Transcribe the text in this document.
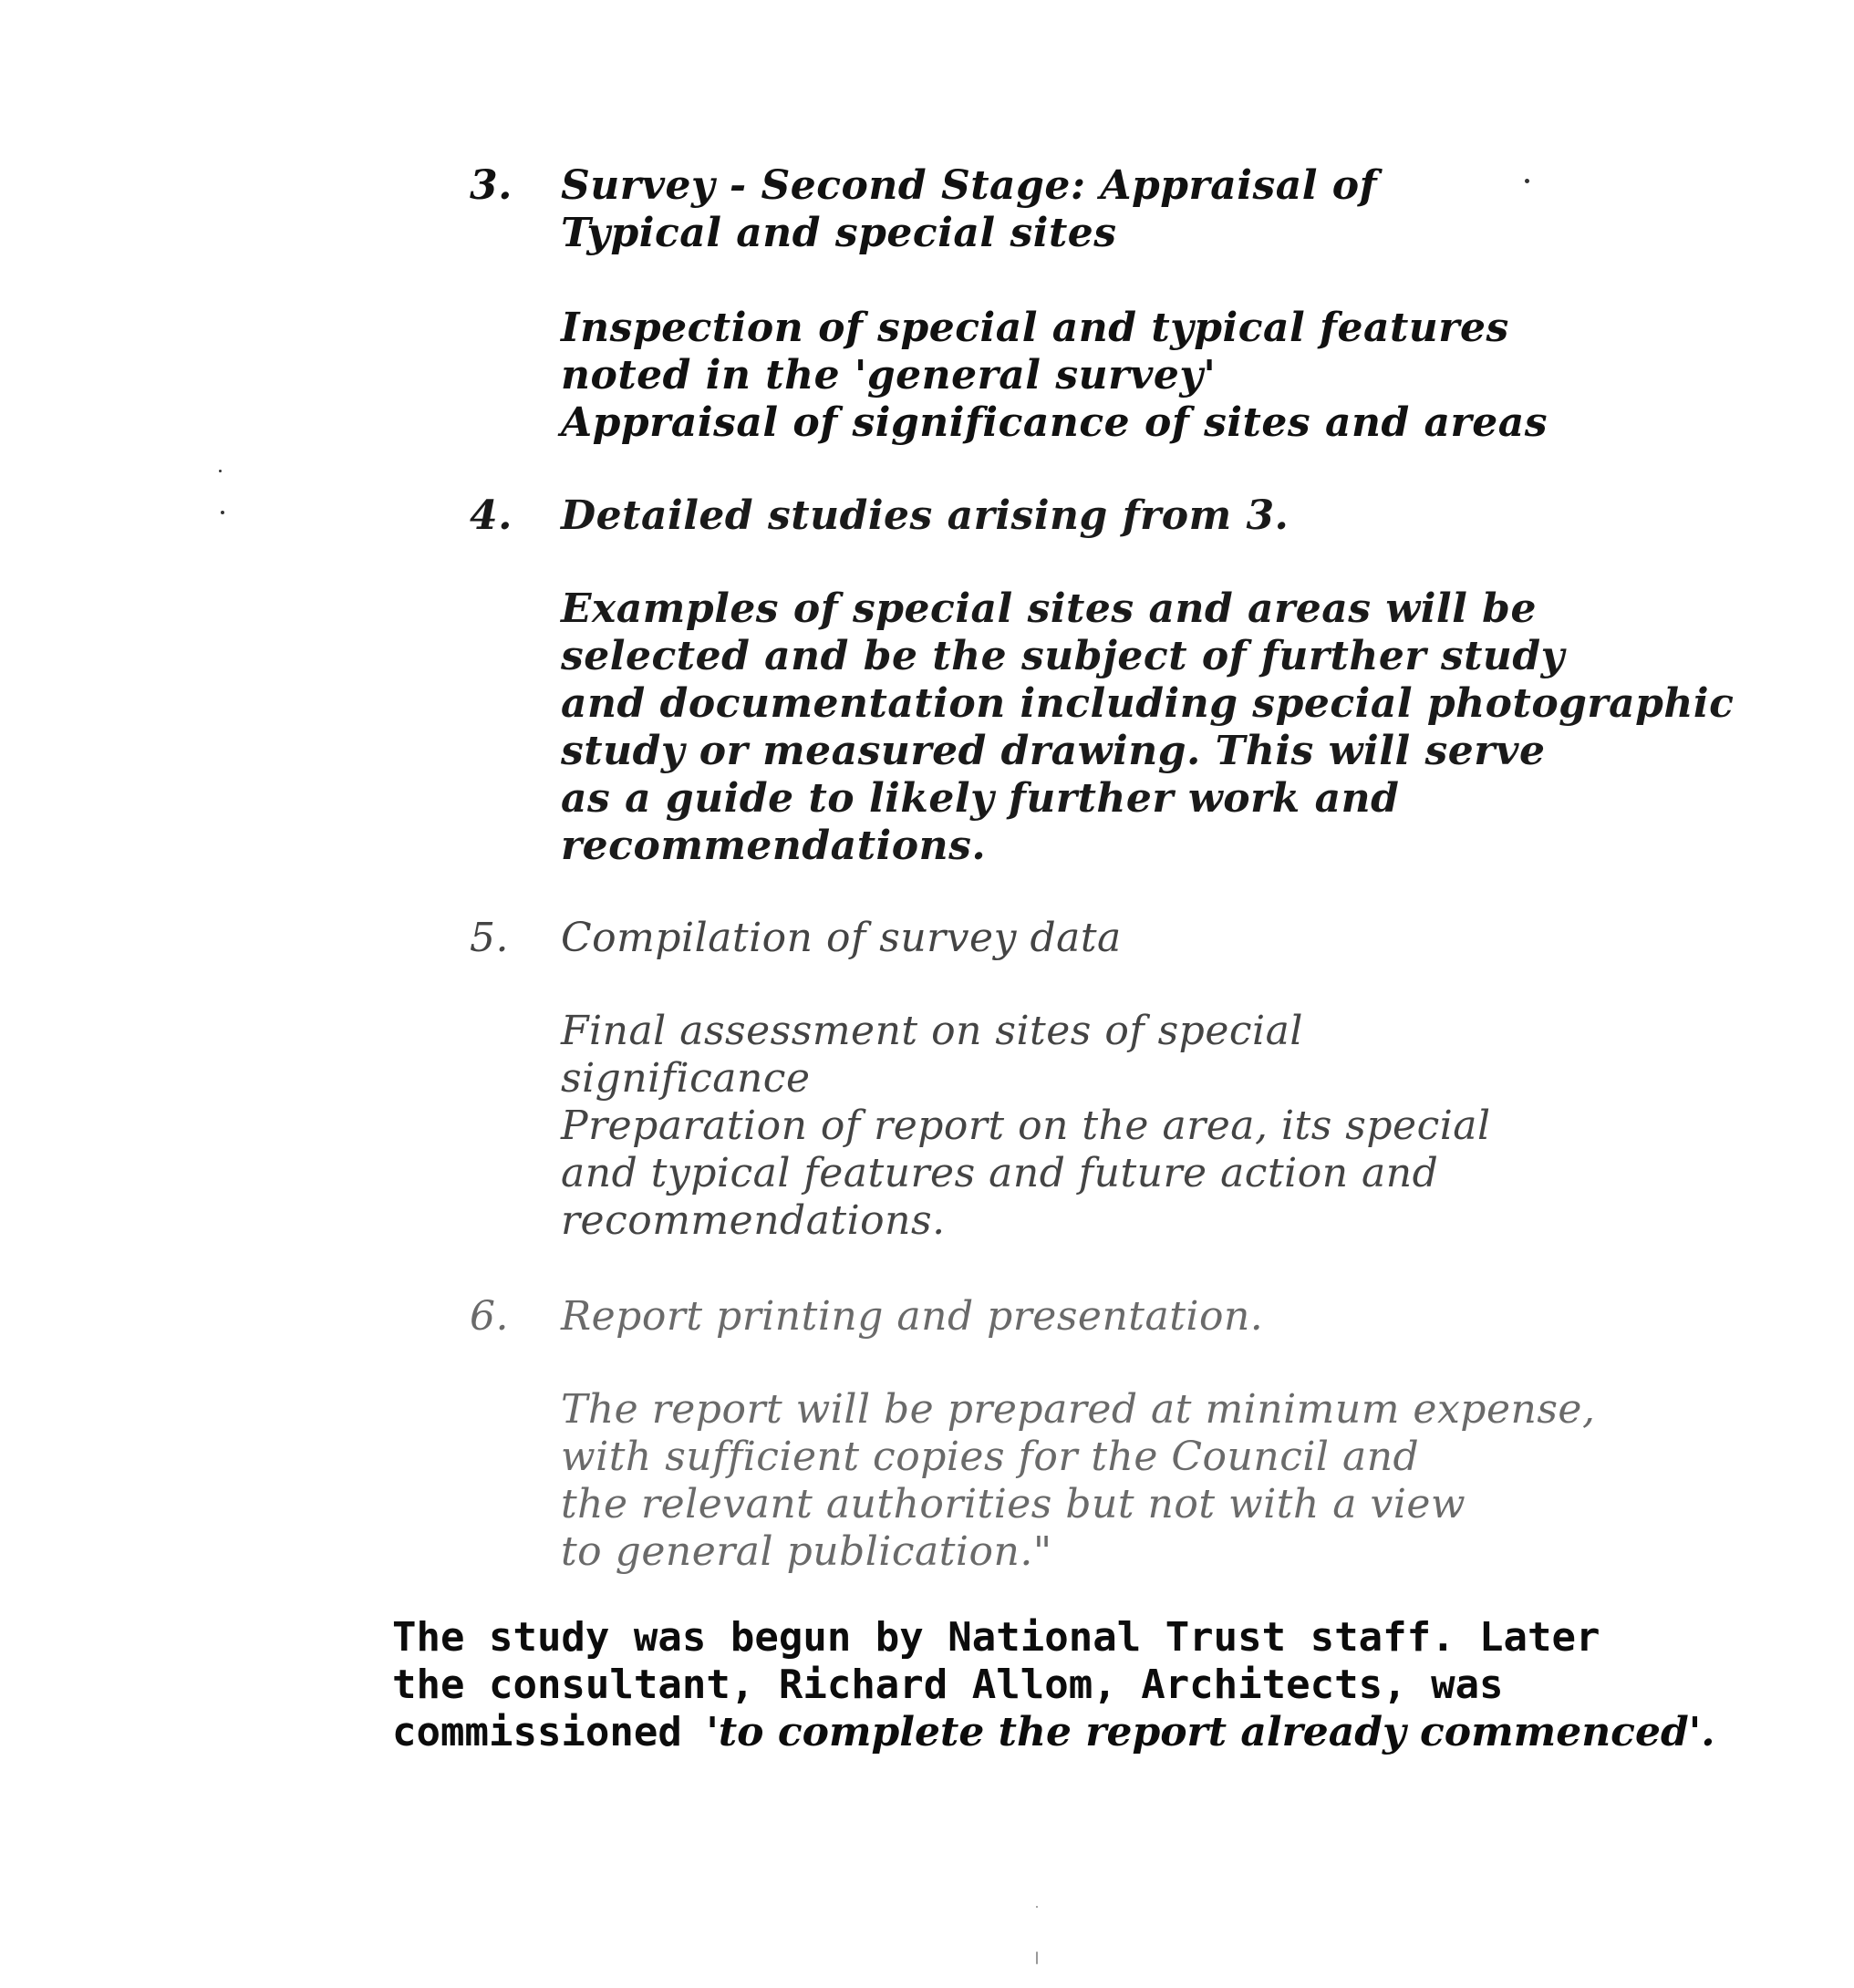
3.	Survey - Second Stage: Appraisal of
Typical and special sites
Inspection of special and typical features
noted in the 'general survey'
Appraisal of significance of sites and areas
4.	Detailed studies arising from 3.
Examples of special sites and areas will be
selected and be the subject of further study
and documentation including special photographic
study or measured drawing. This will serve
as a guide to likely further work and
recommendations.
5.	Compilation of survey data
Final assessment on sites of special
significance
Preparation of report on the area, its special
and typical features and future action and
recommendations.
6.	Report printing and presentation.
The report will be prepared at minimum expense,
with sufficient copies for the Council and
the relevant authorities but not with a view
to general publication."
The study was begun by National Trust staff. Later
the consultant, Richard Allom, Architects, was
commissioned 'to complete the report already commenced'.
